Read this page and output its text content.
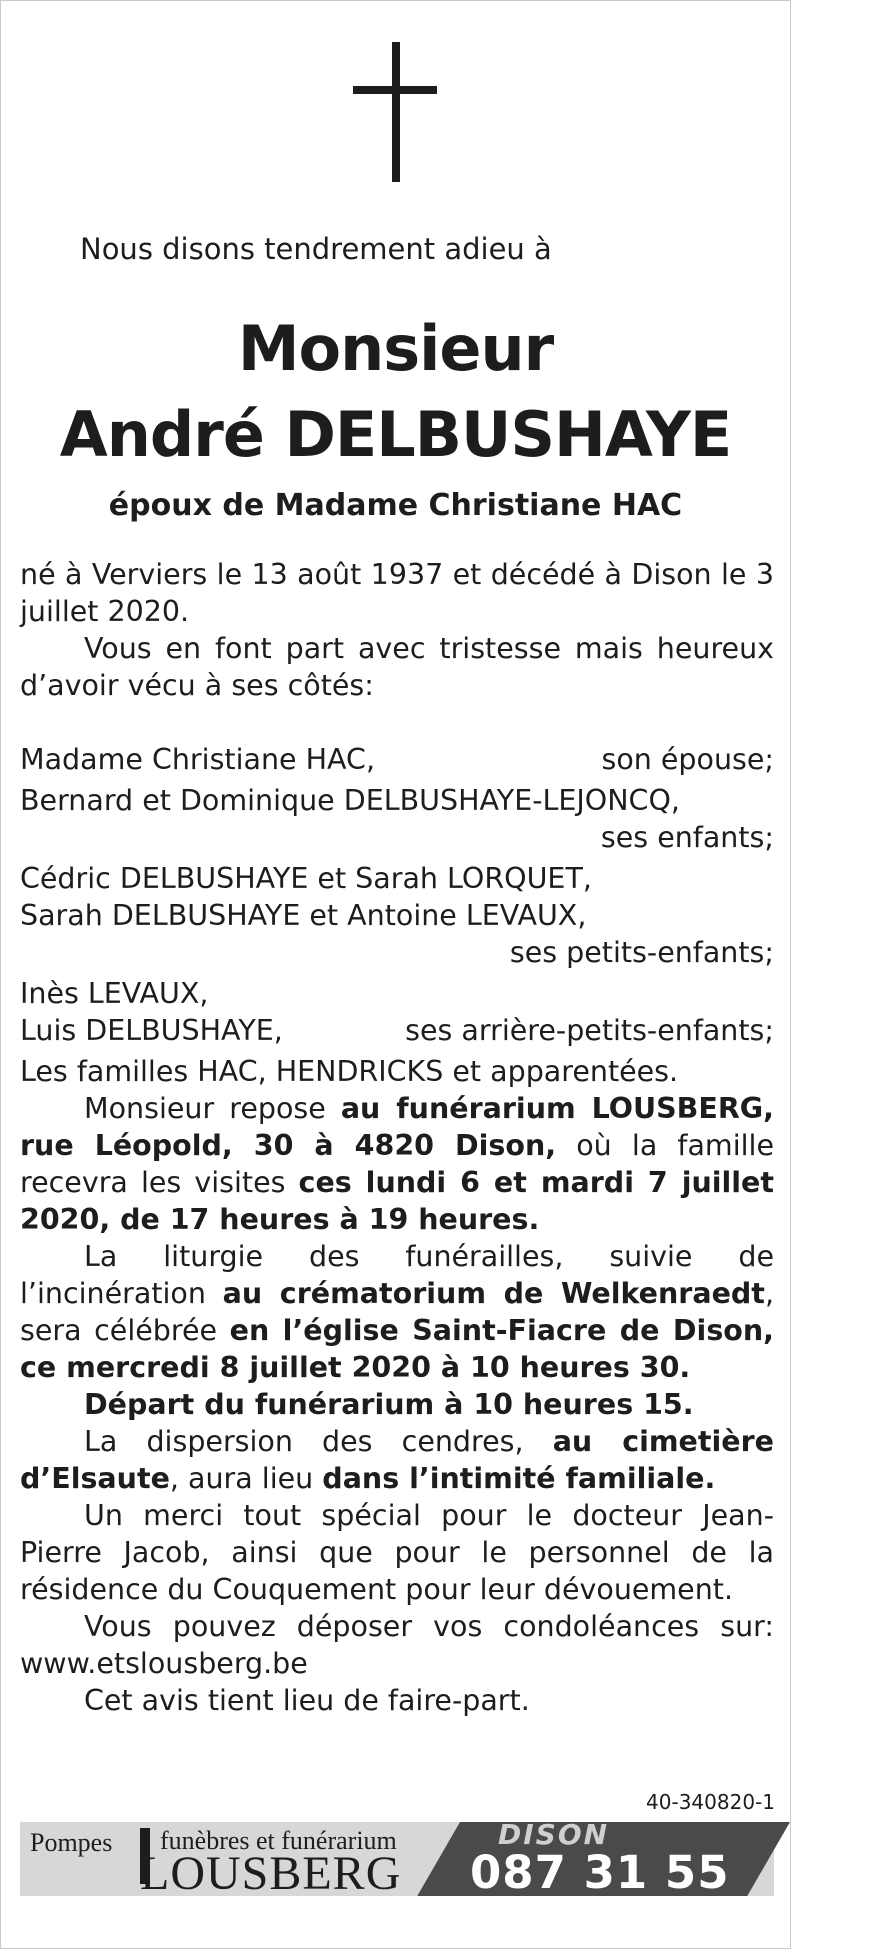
Nous disons tendrement adieu à
Monsieur
André DELBUSHAYE
époux de Madame Christiane HAC
né à Verviers le 13 août 1937 et décédé à Dison le 3 juillet 2020.
Vous en font part avec tristesse mais heureux d’avoir vécu à ses côtés:
Madame Christiane HAC,	son épouse;
Bernard et Dominique DELBUSHAYE-LEJONCQ,
ses enfants;
Cédric DELBUSHAYE et Sarah LORQUET,
Sarah DELBUSHAYE et Antoine LEVAUX,
ses petits-enfants;
Inès LEVAUX,
Luis DELBUSHAYE,	ses arrière-petits-enfants;
Les familles HAC, HENDRICKS et apparentées.
Monsieur repose au funérarium LOUSBERG, rue Léopold, 30 à 4820 Dison, où la famille recevra les visites ces lundi 6 et mardi 7 juillet 2020, de 17 heures à 19 heures.
La liturgie des funérailles, suivie de l’incinération au crématorium de Welkenraedt, sera célébrée en l’église Saint-Fiacre de Dison, ce mercredi 8 juillet 2020 à 10 heures 30.
Départ du funérarium à 10 heures 15.
La dispersion des cendres, au cimetière d’Elsaute, aura lieu dans l’intimité familiale.
Un merci tout spécial pour le docteur Jean-Pierre Jacob, ainsi que pour le personnel de la résidence du Couquement pour leur dévouement.
Vous pouvez déposer vos condoléances sur: www.etslousberg.be
Cet avis tient lieu de faire-part.
40-340820-1
Pompes funèbres et funérarium
LOUSBERG
DISON
087 31 55 55
